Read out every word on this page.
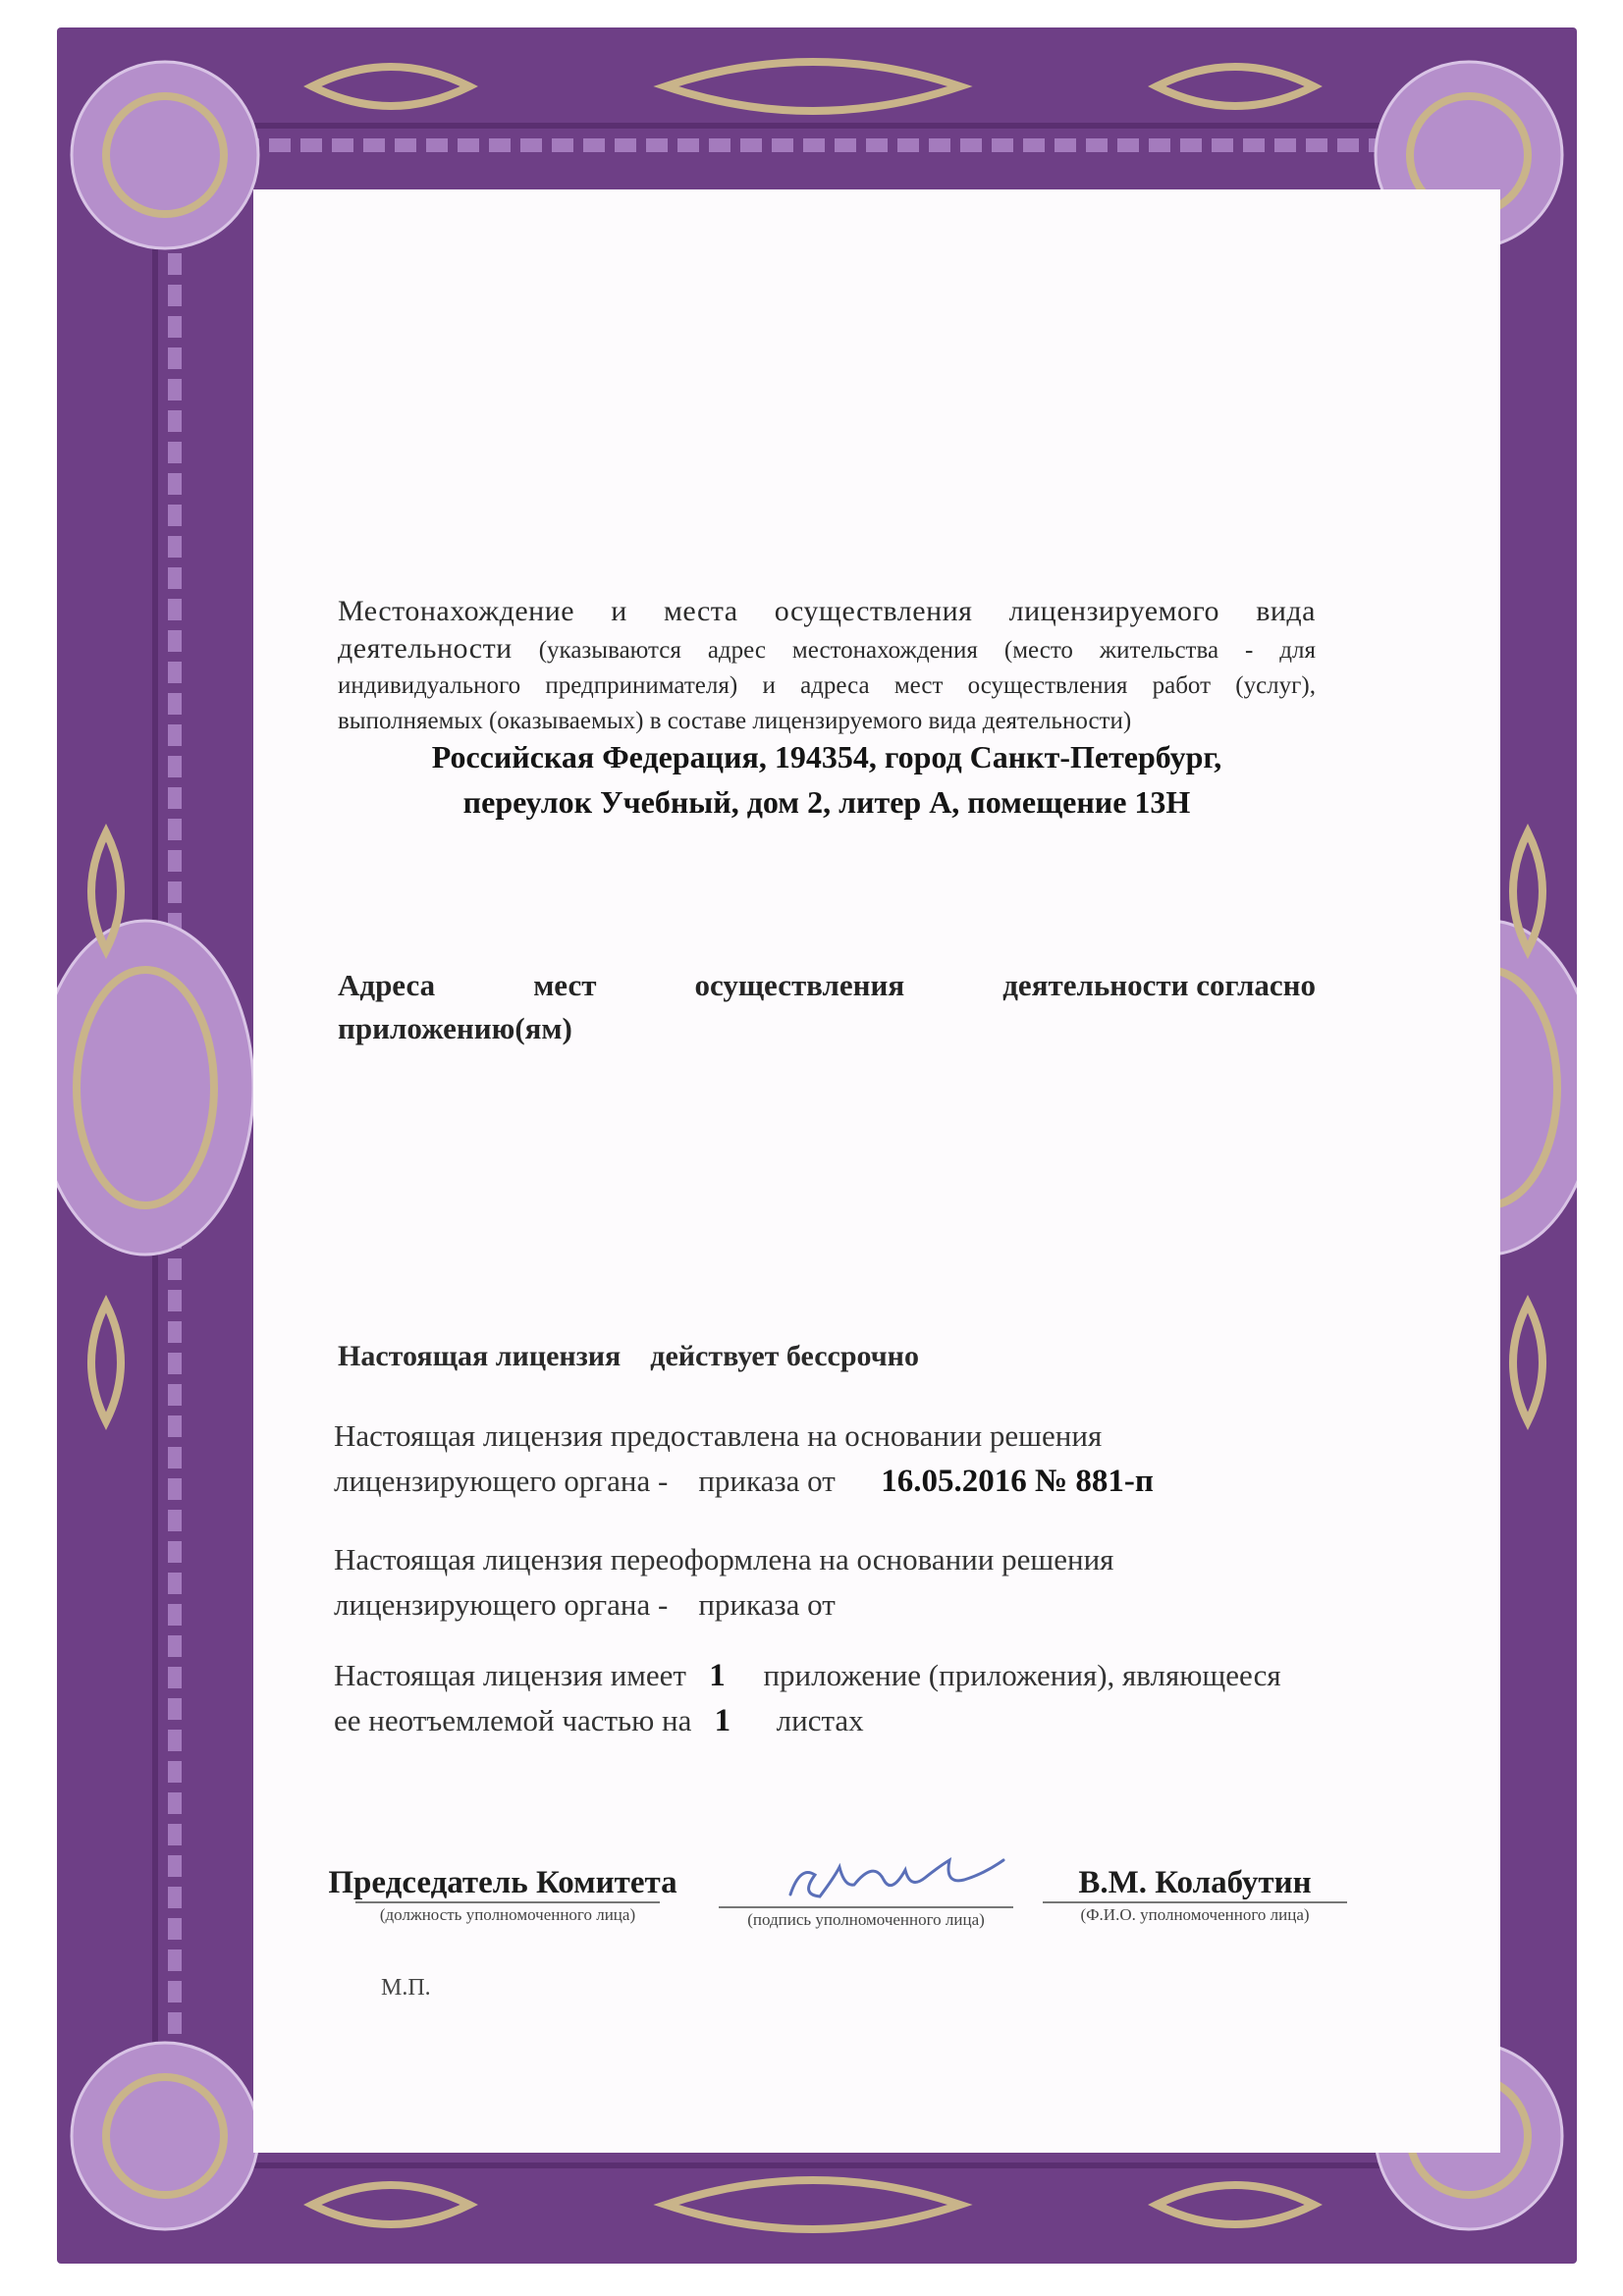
Местонахождение и места осуществления лицензируемого вида деятельности (указываются адрес местонахождения (место жительства - для индивидуального предпринимателя) и адреса мест осуществления работ (услуг), выполняемых (оказываемых) в составе лицензируемого вида деятельности)
Российская Федерация, 194354, город Санкт-Петербург,
переулок Учебный, дом 2, литер А, помещение 13Н
Адреса	мест	осуществления	деятельности согласно
приложению(ям)
Настоящая лицензия действует бессрочно
Настоящая лицензия предоставлена на основании решения
лицензирующего органа - приказа от 16.05.2016 № 881-п
Настоящая лицензия переоформлена на основании решения
лицензирующего органа - приказа от
Настоящая лицензия имеет 1 приложение (приложения), являющееся
ее неотъемлемой частью на 1 листах
Председатель Комитета
(должность уполномоченного лица)	(подпись уполномоченного лица)
В.М. Колабутин
(Ф.И.О. уполномоченного лица)
М.П.
